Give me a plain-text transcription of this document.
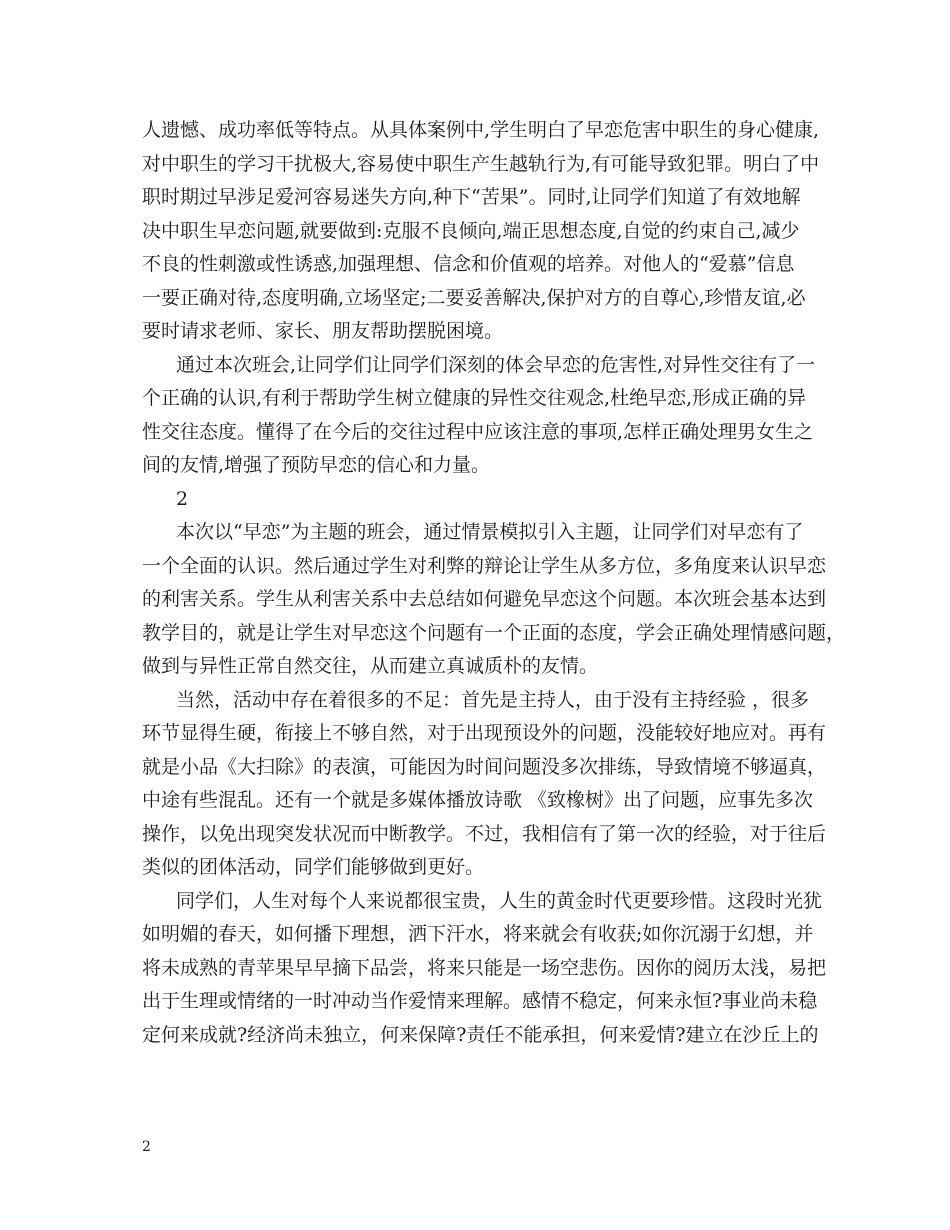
人遗憾、成功率低等特点。从具体案例中,学生明白了早恋危害中职生的身心健康,
对中职生的学习干扰极大,容易使中职生产生越轨行为,有可能导致犯罪。明白了中
职时期过早涉足爱河容易迷失方向,种下“苦果”。同时,让同学们知道了有效地解
决中职生早恋问题,就要做到:克服不良倾向,端正思想态度,自觉的约束自己,减少
不良的性刺激或性诱惑,加强理想、信念和价值观的培养。对他人的“爱慕”信息
一要正确对待,态度明确,立场坚定;二要妥善解决,保护对方的自尊心,珍惜友谊,必
要时请求老师、家长、朋友帮助摆脱困境。
通过本次班会,让同学们让同学们深刻的体会早恋的危害性,对异性交往有了一
个正确的认识,有利于帮助学生树立健康的异性交往观念,杜绝早恋,形成正确的异
性交往态度。懂得了在今后的交往过程中应该注意的事项,怎样正确处理男女生之
间的友情,增强了预防早恋的信心和力量。
2
本次以“早恋”为主题的班会，通过情景模拟引入主题，让同学们对早恋有了
一个全面的认识。然后通过学生对利弊的辩论让学生从多方位，多角度来认识早恋
的利害关系。学生从利害关系中去总结如何避免早恋这个问题。本次班会基本达到
教学目的，就是让学生对早恋这个问题有一个正面的态度，学会正确处理情感问题，
做到与异性正常自然交往，从而建立真诚质朴的友情。
当然，活动中存在着很多的不足：首先是主持人，由于没有主持经验 ，很多
环节显得生硬，衔接上不够自然，对于出现预设外的问题，没能较好地应对。再有
就是小品《大扫除》的表演，可能因为时间问题没多次排练，导致情境不够逼真，
中途有些混乱。还有一个就是多媒体播放诗歌 《致橡树》出了问题，应事先多次
操作，以免出现突发状况而中断教学。不过，我相信有了第一次的经验，对于往后
类似的团体活动，同学们能够做到更好。
同学们，人生对每个人来说都很宝贵，人生的黄金时代更要珍惜。这段时光犹
如明媚的春天，如何播下理想，洒下汗水，将来就会有收获;如你沉溺于幻想，并
将未成熟的青苹果早早摘下品尝，将来只能是一场空悲伤。因你的阅历太浅，易把
出于生理或情绪的一时冲动当作爱情来理解。感情不稳定，何来永恒?事业尚未稳
定何来成就?经济尚未独立，何来保障?责任不能承担，何来爱情?建立在沙丘上的
2
